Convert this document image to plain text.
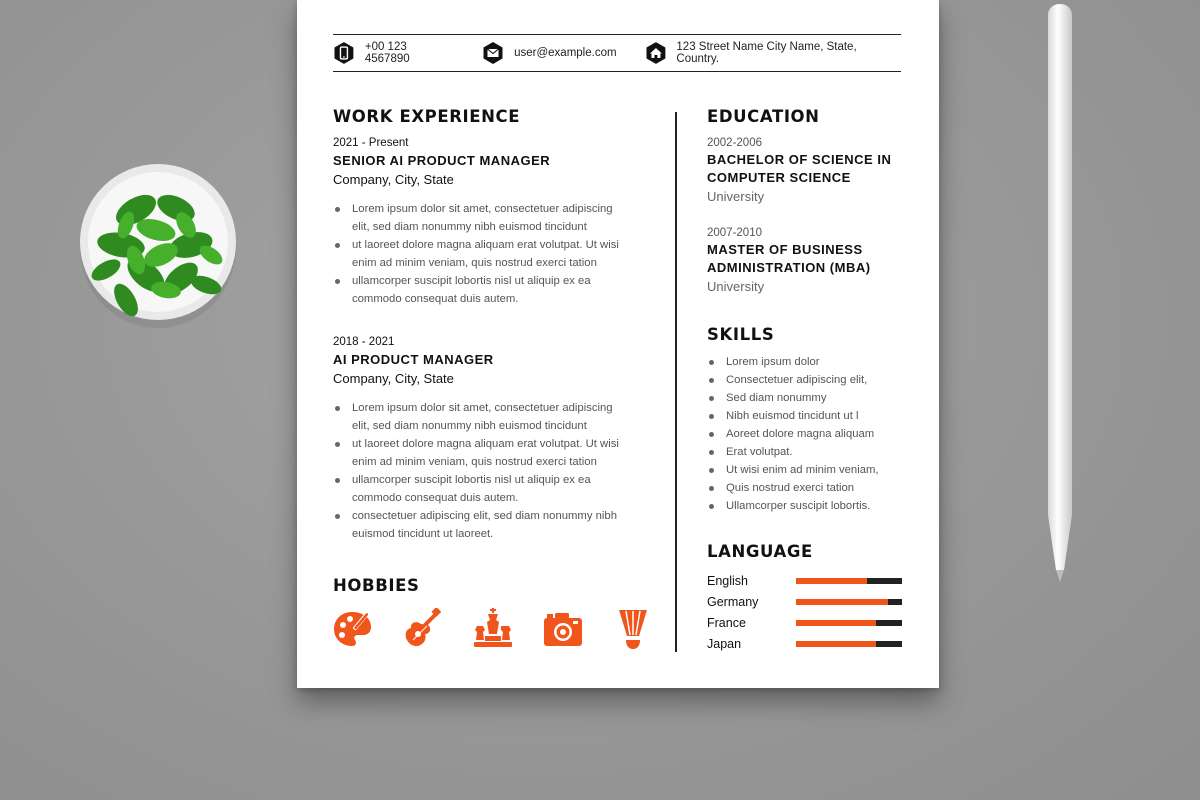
+00 123 4567890	user@example.com	123 Street Name City Name, State, Country.
WORK EXPERIENCE
2021 - Present
SENIOR AI PRODUCT MANAGER
Company, City, State
Lorem ipsum dolor sit amet, consectetuer adipiscing elit, sed diam nonummy nibh euismod tincidunt
ut laoreet dolore magna aliquam erat volutpat. Ut wisi enim ad minim veniam, quis nostrud exerci tation
ullamcorper suscipit lobortis nisl ut aliquip ex ea commodo consequat duis autem.
2018 - 2021
AI PRODUCT MANAGER
Company, City, State
Lorem ipsum dolor sit amet, consectetuer adipiscing elit, sed diam nonummy nibh euismod tincidunt
ut laoreet dolore magna aliquam erat volutpat. Ut wisi enim ad minim veniam, quis nostrud exerci tation
ullamcorper suscipit lobortis nisl ut aliquip ex ea commodo consequat duis autem.
consectetuer adipiscing elit, sed diam nonummy nibh euismod tincidunt ut laoreet.
HOBBIES
EDUCATION
2002-2006
BACHELOR OF SCIENCE IN COMPUTER SCIENCE
University
2007-2010
MASTER OF BUSINESS ADMINISTRATION (MBA)
University
SKILLS
Lorem ipsum dolor
Consectetuer adipiscing elit,
Sed diam nonummy
Nibh euismod tincidunt ut l
Aoreet dolore magna aliquam
Erat volutpat.
Ut wisi enim ad minim veniam,
Quis nostrud exerci tation
Ullamcorper suscipit lobortis.
LANGUAGE
English
Germany
France
Japan
